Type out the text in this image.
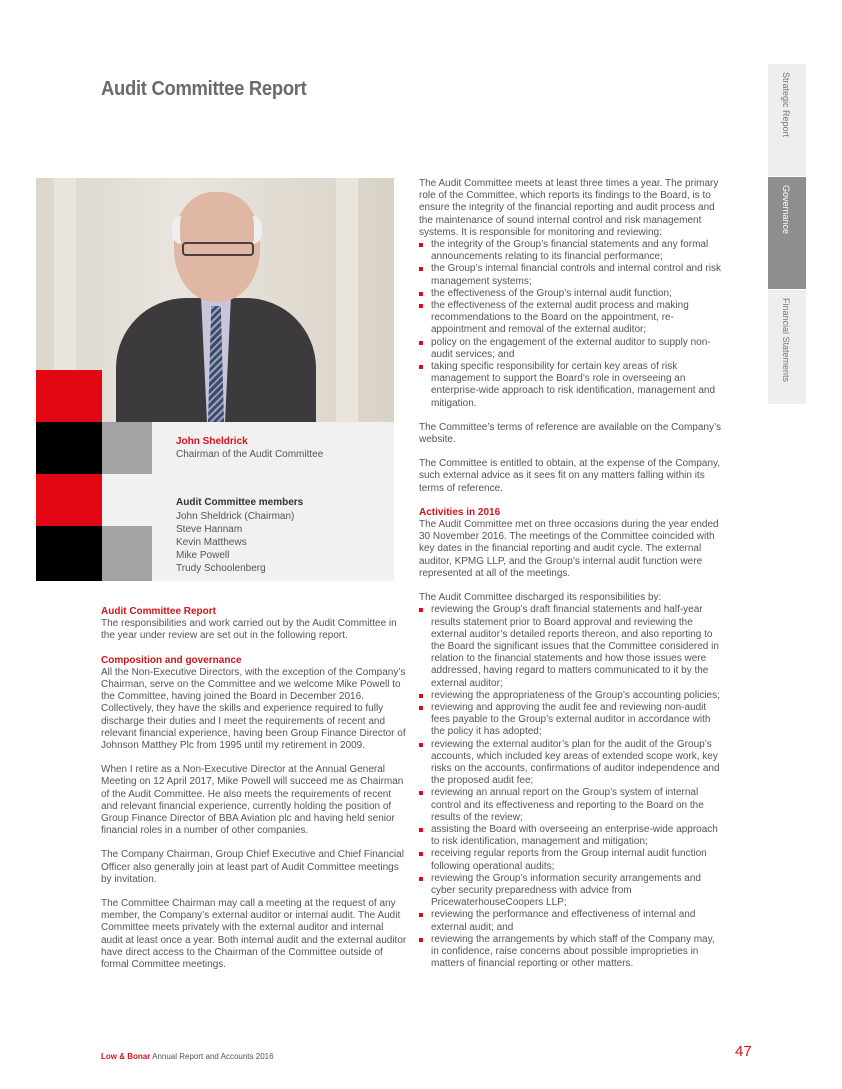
Audit Committee Report	Strategic Report
Governance
Financial Statements
John Sheldrick
Chairman of the Audit Committee
Audit Committee members
John Sheldrick (Chairman)
Steve Hannam
Kevin Matthews
Mike Powell
Trudy Schoolenberg
Audit Committee Report

The responsibilities and work carried out by the Audit Committee in the year under review are set out in the following report.

Composition and governance

All the Non-Executive Directors, with the exception of the Company’s Chairman, serve on the Committee and we welcome Mike Powell to the Committee, having joined the Board in December 2016. Collectively, they have the skills and experience required to fully discharge their duties and I meet the requirements of recent and relevant financial experience, having been Group Finance Director of Johnson Matthey Plc from 1995 until my retirement in 2009.

When I retire as a Non-Executive Director at the Annual General Meeting on 12 April 2017, Mike Powell will succeed me as Chairman of the Audit Committee. He also meets the requirements of recent and relevant financial experience, currently holding the position of Group Finance Director of BBA Aviation plc and having held senior financial roles in a number of other companies.

The Company Chairman, Group Chief Executive and Chief Financial Officer also generally join at least part of Audit Committee meetings by invitation.

The Committee Chairman may call a meeting at the request of any member, the Company’s external auditor or internal audit. The Audit Committee meets privately with the external auditor and internal audit at least once a year. Both internal audit and the external auditor have direct access to the Chairman of the Committee outside of formal Committee meetings.

The Audit Committee meets at least three times a year. The primary role of the Committee, which reports its findings to the Board, is to ensure the integrity of the financial reporting and audit process and the maintenance of sound internal control and risk management systems. It is responsible for monitoring and reviewing:

the integrity of the Group’s financial statements and any formal announcements relating to its financial performance;
the Group’s internal financial controls and internal control and risk management systems;
the effectiveness of the Group’s internal audit function;
the effectiveness of the external audit process and making recommendations to the Board on the appointment, re-appointment and removal of the external auditor;
policy on the engagement of the external auditor to supply non-audit services; and
taking specific responsibility for certain key areas of risk management to support the Board’s role in overseeing an enterprise-wide approach to risk identification, management and mitigation.

The Committee’s terms of reference are available on the Company’s website.

The Committee is entitled to obtain, at the expense of the Company, such external advice as it sees fit on any matters falling within its terms of reference.

Activities in 2016

The Audit Committee met on three occasions during the year ended 30 November 2016. The meetings of the Committee coincided with key dates in the financial reporting and audit cycle. The external auditor, KPMG LLP, and the Group’s internal audit function were represented at all of the meetings.

The Audit Committee discharged its responsibilities by:

reviewing the Group’s draft financial statements and half-year results statement prior to Board approval and reviewing the external auditor’s detailed reports thereon, and also reporting to the Board the significant issues that the Committee considered in relation to the financial statements and how those issues were addressed, having regard to matters communicated to it by the external auditor;
reviewing the appropriateness of the Group’s accounting policies;
reviewing and approving the audit fee and reviewing non-audit fees payable to the Group’s external auditor in accordance with the policy it has adopted;
reviewing the external auditor’s plan for the audit of the Group’s accounts, which included key areas of extended scope work, key risks on the accounts, confirmations of auditor independence and the proposed audit fee;
reviewing an annual report on the Group’s system of internal control and its effectiveness and reporting to the Board on the results of the review;
assisting the Board with overseeing an enterprise-wide approach to risk identification, management and mitigation;
receiving regular reports from the Group internal audit function following operational audits;
reviewing the Group’s information security arrangements and cyber security preparedness with advice from PricewaterhouseCoopers LLP;
reviewing the performance and effectiveness of internal and external audit; and
reviewing the arrangements by which staff of the Company may, in confidence, raise concerns about possible improprieties in matters of financial reporting or other matters.
Low & Bonar Annual Report and Accounts 2016	47
